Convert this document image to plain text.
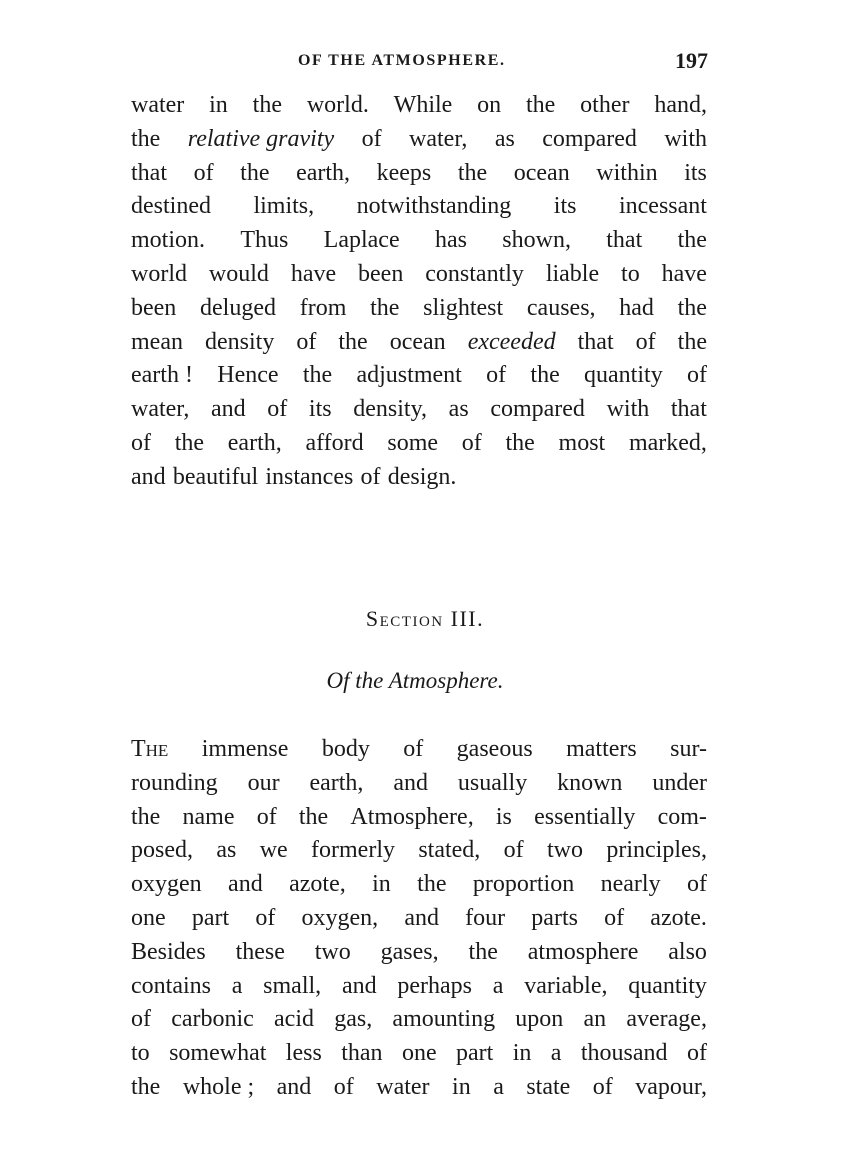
OF THE ATMOSPHERE.	197
water in the world. While on the other hand,
the relative gravity of water, as compared with
that of the earth, keeps the ocean within its
destined limits, notwithstanding its incessant
motion. Thus Laplace has shown, that the
world would have been constantly liable to have
been deluged from the slightest causes, had the
mean density of the ocean exceeded that of the
earth ! Hence the adjustment of the quantity of
water, and of its density, as compared with that
of the earth, afford some of the most marked,
and beautiful instances of design.
Section III.
Of the Atmosphere.
The immense body of gaseous matters sur-
rounding our earth, and usually known under
the name of the Atmosphere, is essentially com-
posed, as we formerly stated, of two principles,
oxygen and azote, in the proportion nearly of
one part of oxygen, and four parts of azote.
Besides these two gases, the atmosphere also
contains a small, and perhaps a variable, quantity
of carbonic acid gas, amounting upon an average,
to somewhat less than one part in a thousand of
the whole ; and of water in a state of vapour,
